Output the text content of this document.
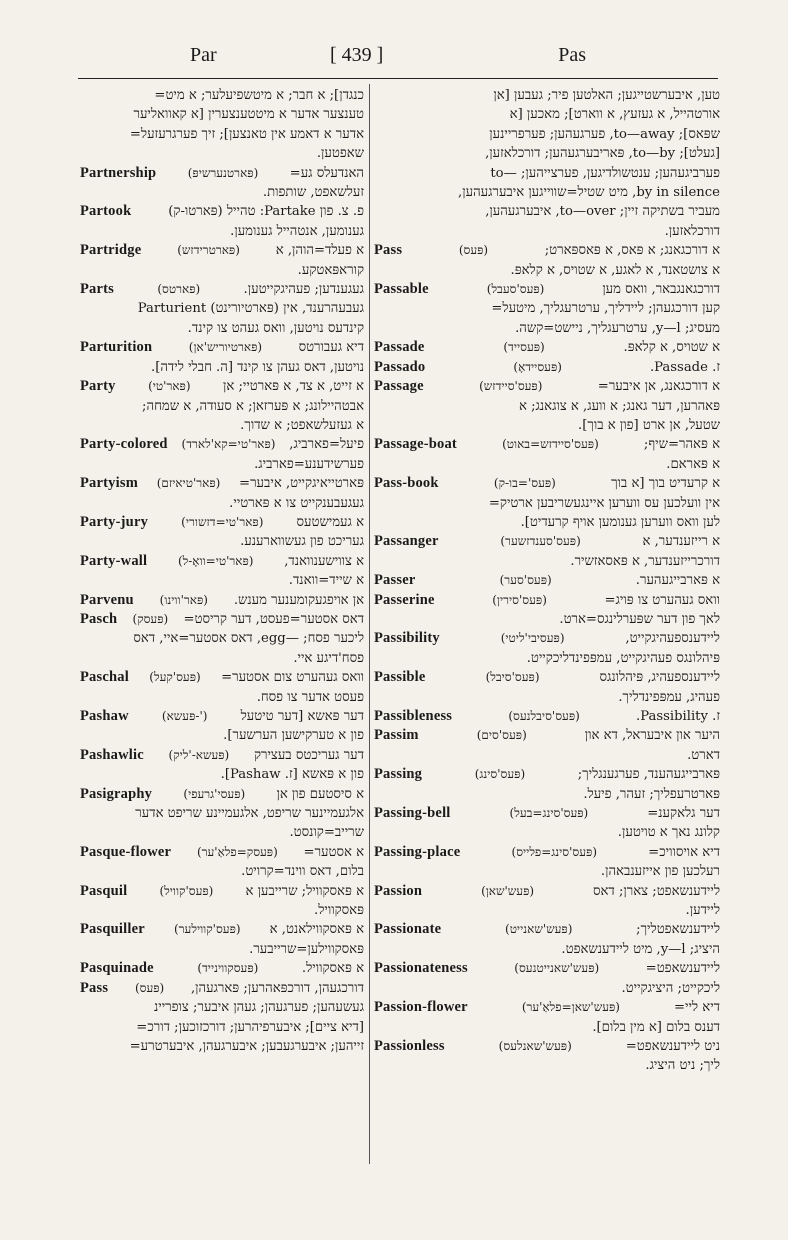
Par	[ 439 ]	Pas
כנגדן]; א חבר; א מיטשפיעלער; א מיט=
טענצער אדער א מיטטענצערין [א קאוואליער
אדער א דאמע אין טאנצען]; זיך פערגרעזעל=
שאפטען.
Partnership	(פּארטנערשיפּ) האנדעלס גע=
זעלשאפט, שותפות.
Partook	פ. צ. פון Partake: טהייל (פּארטו-ק)
גענומען, אנטהייל גענומען.
Partridge	(פּארטרידזש)	א פעלד=הוהן, א
קוראפּאטקע.
Parts	(פּארטס)	געגענדען; פעהיגקייטען.
געבעהרענד, אין (פּארטיורינט) Parturient
קינדעס נויטען, וואס געהט צו קינד.
Parturition	(פּארטיוריש'אן)	דיא געבורטס
נויטען, דאס געהן צו קינד [ה. חבלי לידה].
Party	(פּאר'טי) א זייט, א צד, א פּארטיי; אן
אבטהיילונג; א פּערזאן; א סעודה, א שמחה;
א געזעלשאפט; א שדוך.
Party-colored (פּאר'טי=קא'לארד) פיעל=פארביג,
פערשידענע=פארביג.
Partyism (פּאר'טיאיזם) פּארטייאיגקייט, איבער=
געגעבענקייט צו א פּארטיי.
Party-jury	(פּאר'טי=דזשורי)	א געמישטעס
געריכט פון געשווארענע.
Party-wall	(פּאר'טי=וואָ-ל) א צווישענוואנד,
א שייד=וואנד.
Parvenu (פּאר'ווינו) אן אויפגעקומענער מענש.
Pasch (פּעסק) דאס אסטער=פעסט, דער קריסט=
ליכער פסח; —egg, דאס אסטער=איי, דאס
פסח'דיגע איי.
Paschal (פּעס'קעל) וואס געהערט צום אסטער=
פעסט אדער צו פסח.
Pashaw	(פּעשא-')	דער פּאשא [דער טיטעל
פון א טערקישען הערשער].
Pashawlic (פּעשא-'ליק) דער געריכטס בעצירק
פון א פּאשא [ז. Pashaw].
Pasigraphy	(פּעסי'גרעפי) א סיסטעם פון אן
אלגעמיינער שריפט, אלגעמיינע שריפט אדער
שרייב=קונסט.
Pasque-flower (פּעסק=פלאַ'ער) א אסטער=
בלום, דאס ווינד=קרויט.
Pasquil	(פּעס'קוויל) א פּאסקוויל; שרייבען א
פּאסקוויל.
Pasquiller (פּעס'קווילער) א פּאסקווילאנט, א
פּאסקווילען=שרייבער.
Pasquinade	(פּעסקווינייד)	א פּאסקוויל.
Pass (פּעס) דורכגעהן, דורכפּאהרען; פּארגעהן,
געשעהען; פערגעהן; געהן איבער; צופריינ
[דיא ציים]; איבערפיהרען; דורכזוכען; דורכ=
זייהען; איבערגעבען; איבערגעהן, איבערטרע=
טען, איבערשטייגען; האלטען פיר; געבען [אן
אורטהייל, א געזעץ, א ווארט]; מאכען [א
שפּאס]; to—away, פערגעהען; פערפריינען
[געלט]; to—by, פּאריבערגעהען; דורכלאזען,
פערביגעהען; ענטשולדיגען, פערצייהען; —to
by in silence, מיט שטיל=שווייגען איבערגעהען,
מעביר בשתיקה זיין; to—over, איבערגעהען,
דורכלאזען.
Pass	(פּעס)	א דורכגאנג; א פּאס, א פּאספּארט;
א צושטאנד, א לאגע, א שטויס, א קלאפּ.
Passable	(פּעס'סעבל)	דורכגאנגבאר, וואס מען
קען דורכגעהן; ליידליך, ערטרעגליך, מיטעל=
מעסיג; y—l, ערטרעגליך, ניישט=קשה.
Passade	(פּעסייד)	א שטויס, א קלאפּ.
Passado	(פּעסיידאָ)	ז. Passade.
Passage	(פּעס'סיידזש)	א דורכגאנג, אן איבער=
פּאהרען, דער גאנג; א וועג, א צוגאנג; א
שטעל, אן ארט [פון א בוך].
Passage-boat	(פּעס'סיידזש=באוט)	א פּאהר=שיף;
א פּאראם.
Pass-book	(פּעס'=בו-ק)	א קרעדיט בוך [א בוך
אין וועלכען עס ווערען איינגעשריבען ארטיק=
לען וואס ווערען גענומען אויף קרעדיט].
Passanger	(פּעס'סענדזשער)	א רייזענדער, א
דורכרייזענדער, א פּאסאזשיר.
Passer	(פּעס'סער)	א פּארבייגעהער.
Passerine	(פּעס'סירין)	וואס געהערט צו פּויג=
לאך פון דער שפּערלינגס=ארט.
Passibility	(פּעסיבי'ליטי)	ליידענספעהיגקייט,
פּיהלונגס פעהיגקייט, עמפּפינדליכקייט.
Passible	(פּעס'סיבל)	ליידענספעהיג, פּיהלונגס
פעהיג, עמפּפינדליך.
Passibleness	(פּעס'סיבלנעס)	ז. Passibility.
Passim	(פּעס'סים)	היער און איבעראל, דא און
דארט.
Passing	(פּעס'סינג)	פּארבייגעהענד, פערגענגליך;
פּארטרעפליך; זעהר, פיעל.
Passing-bell	(פּעס'סינג=בעל)	דער גלאקענ=
קלונג נאך א טויטען.
Passing-place	(פּעס'סינג=פלייס)	דיא אויסוויכ=
רעלכען פון אייזענבאהן.
Passion	(פּעש'שאן)	ליידענשאפט; צארן; דאס
ליידען.
Passionate	(פּעש'שאנייט)	ליידענשאפטליך;
היציג; y—l, מיט ליידענשאפט.
Passionateness	(פּעש'שאנייטנעס)	ליידענשאפט=
ליכקייט; היציגקייט.
Passion-flower	(פּעש'שאן=פלאַ'ער)	דיא ליי=
דענס בלום [א מין בלום].
Passionless	(פּעש'שאנלעס)	ניט ליידענשאפט=
ליך; ניט היציג.
